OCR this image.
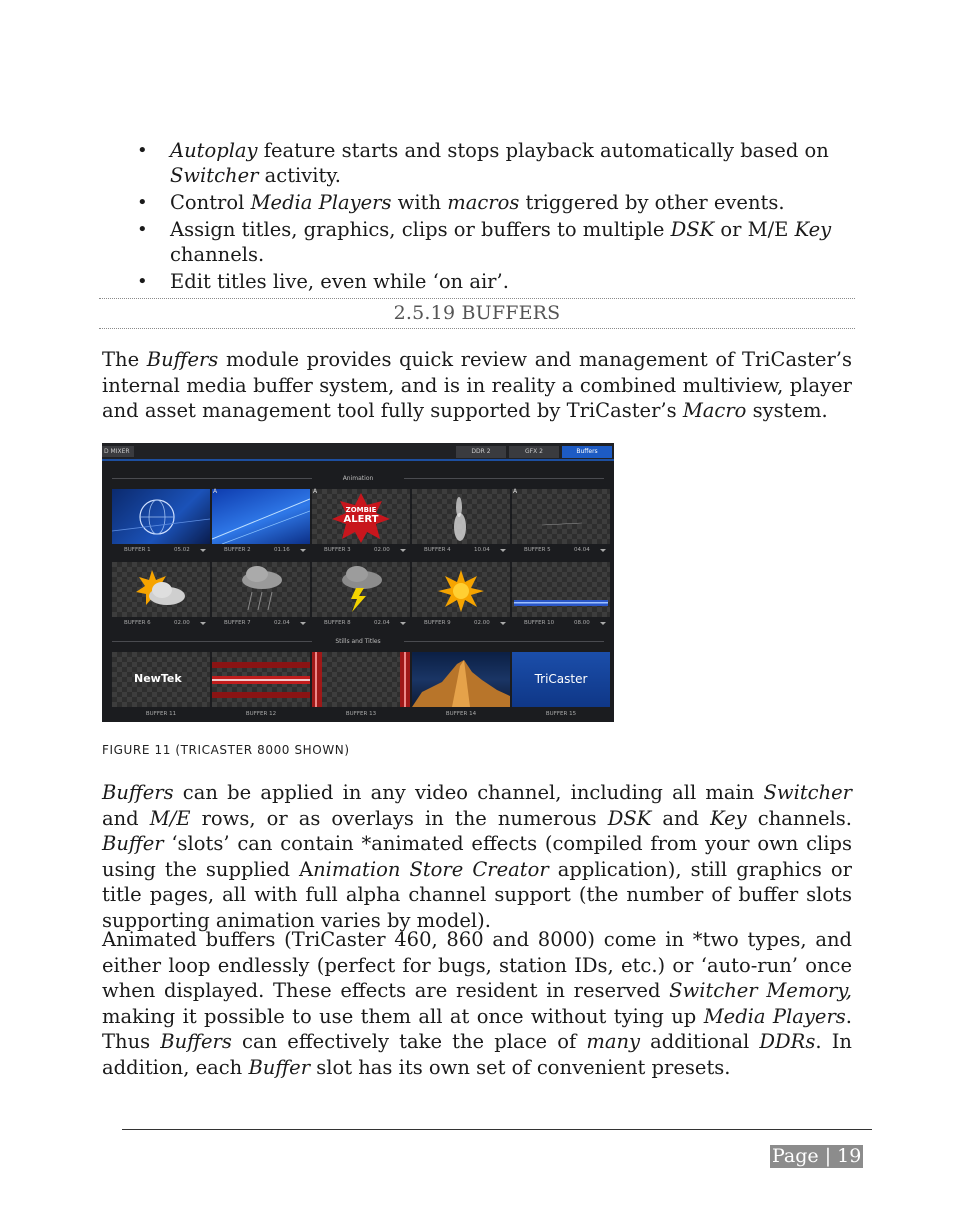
• Autoplay feature starts and stops playback automatically based on Switcher activity.
• Control Media Players with macros triggered by other events.
• Assign titles, graphics, clips or buffers to multiple DSK or M/E Key channels.
• Edit titles live, even while ‘on air’.
2.5.19 BUFFERS

The Buffers module provides quick review and management of TriCaster’s internal media buffer system, and is in reality a combined multiview, player and asset management tool fully supported by TriCaster’s Macro system.

D MIXER	DDR 2	GFX 2	Buffers
Animation
BUFFER 1	05.02
A
BUFFER 2	01.16
ZOMBIE
ALERT
A
BUFFER 3	02.00	BUFFER 4	10.04
A
BUFFER 5	04.04
BUFFER 6	02.00	BUFFER 7	02.04	BUFFER 8	02.04	BUFFER 9	02.00	BUFFER 10	08.00
Stills and Titles
NewTek
BUFFER 11	BUFFER 12	BUFFER 13	BUFFER 14
TriCaster
BUFFER 15
FIGURE 11 (TRICASTER 8000 SHOWN)

Buffers can be applied in any video channel, including all main Switcher and M/E rows, or as overlays in the numerous DSK and Key channels. Buffer ‘slots’ can contain *animated effects (compiled from your own clips using the supplied Animation Store Creator application), still graphics or title pages, all with full alpha channel support (the number of buffer slots supporting animation varies by model).

Animated buffers (TriCaster 460, 860 and 8000) come in *two types, and either loop endlessly (perfect for bugs, station IDs, etc.) or ‘auto-run’ once when displayed. These effects are resident in reserved Switcher Memory, making it possible to use them all at once without tying up Media Players. Thus Buffers can effectively take the place of many additional DDRs. In addition, each Buffer slot has its own set of convenient presets.

Page | 19
